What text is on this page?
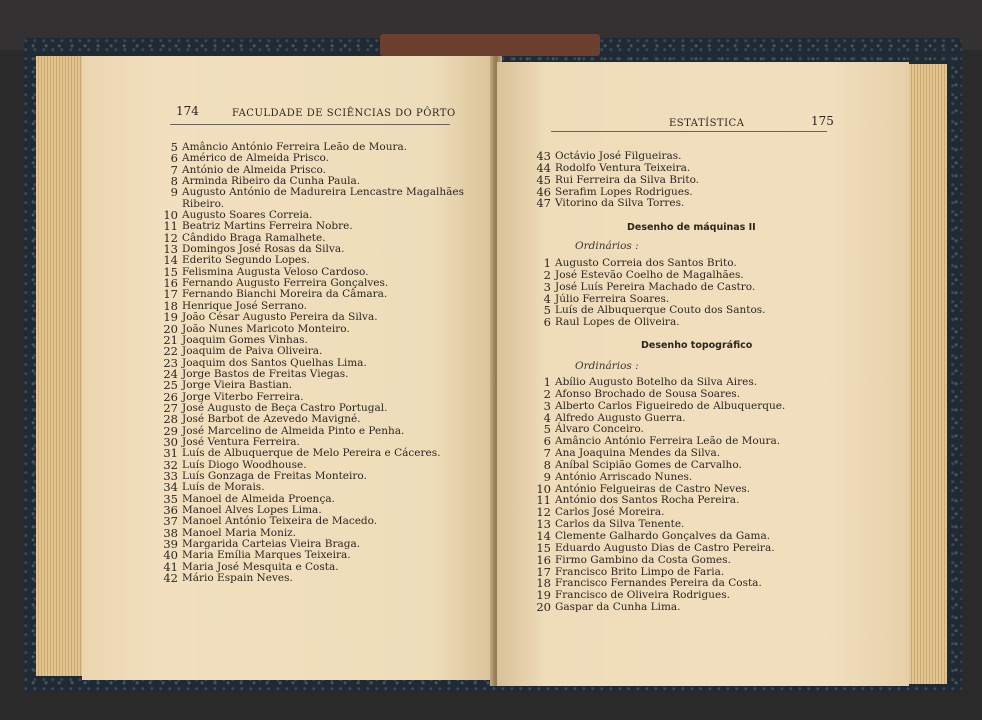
174	FACULDADE DE SCIÊNCIAS DO PÔRTO
5 Amâncio António Ferreira Leão de Moura.
6 Américo de Almeida Prisco.
7 António de Almeida Prisco.
8 Arminda Ribeiro da Cunha Paula.
9 Augusto António de Madureira Lencastre Magalhães
Ribeiro.
10 Augusto Soares Correia.
11 Beatriz Martins Ferreira Nobre.
12 Cândido Braga Ramalhete.
13 Domingos José Rosas da Silva.
14 Ederito Segundo Lopes.
15 Felismina Augusta Veloso Cardoso.
16 Fernando Augusto Ferreira Gonçalves.
17 Fernando Bianchi Moreira da Câmara.
18 Henrique José Serrano.
19 João César Augusto Pereira da Silva.
20 João Nunes Maricoto Monteiro.
21 Joaquim Gomes Vinhas.
22 Joaquim de Paiva Oliveira.
23 Joaquim dos Santos Quelhas Lima.
24 Jorge Bastos de Freitas Viegas.
25 Jorge Vieira Bastian.
26 Jorge Viterbo Ferreira.
27 José Augusto de Beça Castro Portugal.
28 José Barbot de Azevedo Mavigné.
29 José Marcelino de Almeida Pinto e Penha.
30 José Ventura Ferreira.
31 Luís de Albuquerque de Melo Pereira e Cáceres.
32 Luís Diogo Woodhouse.
33 Luís Gonzaga de Freitas Monteiro.
34 Luís de Morais.
35 Manoel de Almeida Proença.
36 Manoel Alves Lopes Lima.
37 Manoel António Teixeira de Macedo.
38 Manoel Maria Moniz.
39 Margarida Carteias Vieira Braga.
40 Maria Emília Marques Teixeira.
41 Maria José Mesquita e Costa.
42 Mário Espain Neves.
ESTATÍSTICA	175
43 Octávio José Filgueiras.
44 Rodolfo Ventura Teixeira.
45 Rui Ferreira da Silva Brito.
46 Serafim Lopes Rodrigues.
47 Vitorino da Silva Torres.
Desenho de máquinas II
Ordinários :
1 Augusto Correia dos Santos Brito.
2 José Estevão Coelho de Magalhães.
3 José Luís Pereira Machado de Castro.
4 Júlio Ferreira Soares.
5 Luís de Albuquerque Couto dos Santos.
6 Raul Lopes de Oliveira.
Desenho topográfico
Ordinários :
1 Abílio Augusto Botelho da Silva Aires.
2 Afonso Brochado de Sousa Soares.
3 Alberto Carlos Figueiredo de Albuquerque.
4 Alfredo Augusto Guerra.
5 Álvaro Conceiro.
6 Amâncio António Ferreira Leão de Moura.
7 Ana Joaquina Mendes da Silva.
8 Aníbal Scipião Gomes de Carvalho.
9 António Arriscado Nunes.
10 António Felgueiras de Castro Neves.
11 António dos Santos Rocha Pereira.
12 Carlos José Moreira.
13 Carlos da Silva Tenente.
14 Clemente Galhardo Gonçalves da Gama.
15 Eduardo Augusto Dias de Castro Pereira.
16 Firmo Gambino da Costa Gomes.
17 Francisco Brito Limpo de Faria.
18 Francisco Fernandes Pereira da Costa.
19 Francisco de Oliveira Rodrigues.
20 Gaspar da Cunha Lima.
